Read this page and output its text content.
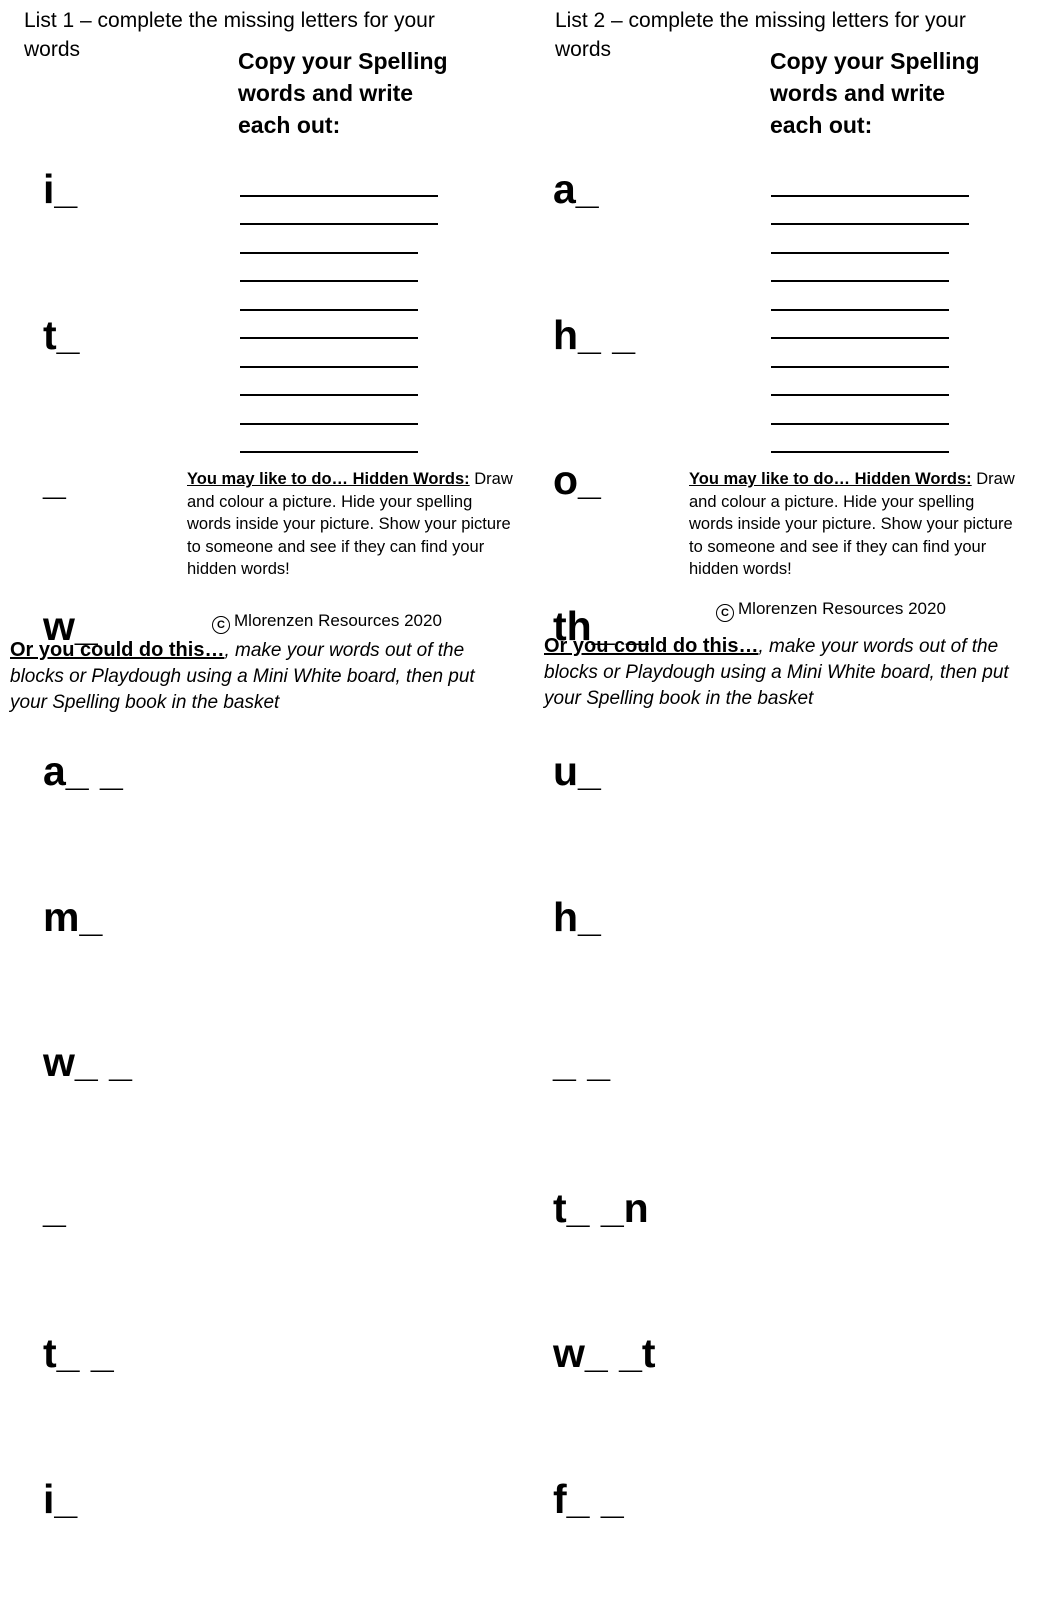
List 1 – complete the missing letters for your words

i_

t_

_

w_

a_ _

m_

w_ _

_

t_ _

i_

Copy your Spelling words and write each out:
You may like to do… Hidden Words: Draw and colour a picture. Hide your spelling words inside your picture. Show your picture to someone and see if they can find your hidden words!
C Mlorenzen Resources 2020
Or you could do this…, make your words out of the blocks or Playdough using a Mini White board, then put your Spelling book in the basket
List 2 – complete the missing letters for your words

a_

h_ _

o_

th_ _

u_

h_

_ _

t_ _n

w_ _t

f_ _

Copy your Spelling words and write each out:
You may like to do… Hidden Words: Draw and colour a picture. Hide your spelling words inside your picture. Show your picture to someone and see if they can find your hidden words!
C Mlorenzen Resources 2020
Or you could do this…, make your words out of the blocks or Playdough using a Mini White board, then put your Spelling book in the basket
